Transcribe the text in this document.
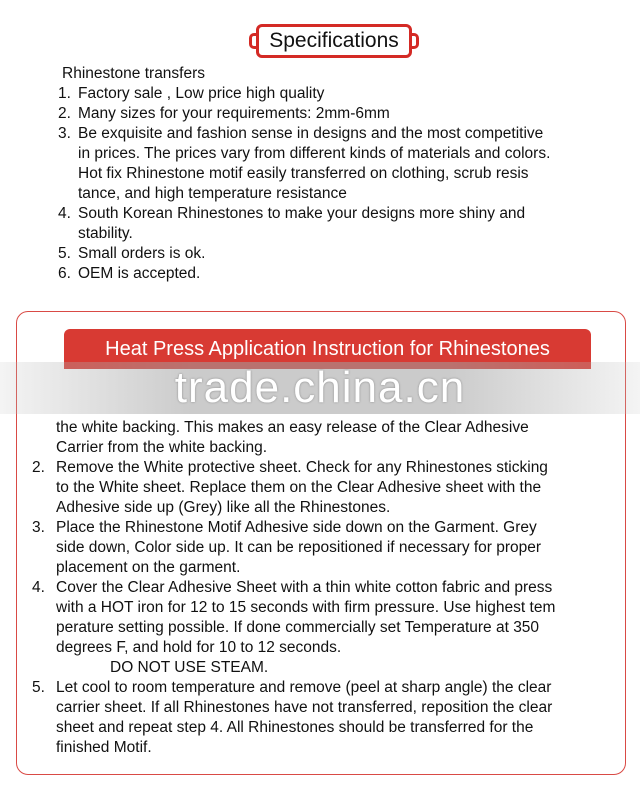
Specifications
Rhinestone transfers
1. Factory sale , Low price high quality
2. Many sizes for your requirements: 2mm-6mm
3. Be exquisite and fashion sense in designs and the most competitive
in prices. The prices vary from different kinds of materials and colors.
Hot fix Rhinestone motif easily transferred on clothing, scrub resis
tance, and high temperature resistance
4. South Korean Rhinestones to make your designs more shiny and
stability.
5. Small orders is ok.
6. OEM is accepted.
Heat Press Application Instruction for Rhinestones
trade.china.cn
the white backing. This makes an easy release of the Clear Adhesive
Carrier from the white backing.
2. Remove the White protective sheet. Check for any Rhinestones sticking
to the White sheet. Replace them on the Clear Adhesive sheet with the
Adhesive side up (Grey) like all the Rhinestones.
3. Place the Rhinestone Motif Adhesive side down on the Garment. Grey
side down, Color side up. It can be repositioned if necessary for proper
placement on the garment.
4. Cover the Clear Adhesive Sheet with a thin white cotton fabric and press
with a HOT iron for 12 to 15 seconds with firm pressure. Use highest tem
perature setting possible. If done commercially set Temperature at 350
degrees F, and hold for 10 to 12 seconds.
DO NOT USE STEAM.
5. Let cool to room temperature and remove (peel at sharp angle) the clear
carrier sheet. If all Rhinestones have not transferred, reposition the clear
sheet and repeat step 4. All Rhinestones should be transferred for the
finished Motif.
